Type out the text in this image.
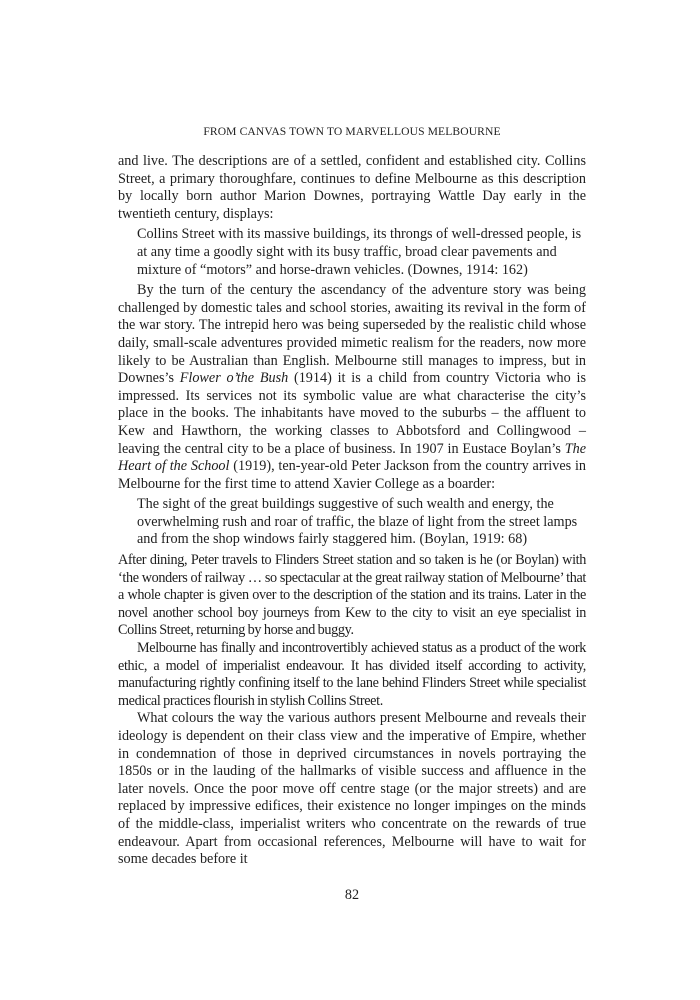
FROM CANVAS TOWN TO MARVELLOUS MELBOURNE

and live. The descriptions are of a settled, confident and established city. Collins Street, a primary thoroughfare, continues to define Melbourne as this description by locally born author Marion Downes, portraying Wattle Day early in the twentieth century, displays:

Collins Street with its massive buildings, its throngs of well-dressed people, is at any time a goodly sight with its busy traffic, broad clear pavements and mixture of “motors” and horse-drawn vehicles. (Downes, 1914: 162)

By the turn of the century the ascendancy of the adventure story was being challenged by domestic tales and school stories, awaiting its revival in the form of the war story. The intrepid hero was being superseded by the realistic child whose daily, small-scale adventures provided mimetic realism for the readers, now more likely to be Australian than English. Melbourne still manages to impress, but in Downes’s Flower o’the Bush (1914) it is a child from country Victoria who is impressed. Its services not its symbolic value are what characterise the city’s place in the books. The inhabitants have moved to the suburbs – the affluent to Kew and Hawthorn, the working classes to Abbotsford and Collingwood – leaving the central city to be a place of business. In 1907 in Eustace Boylan’s The Heart of the School (1919), ten-year-old Peter Jackson from the country arrives in Melbourne for the first time to attend Xavier College as a boarder:

The sight of the great buildings suggestive of such wealth and energy, the overwhelming rush and roar of traffic, the blaze of light from the street lamps and from the shop windows fairly staggered him. (Boylan, 1919: 68)

After dining, Peter travels to Flinders Street station and so taken is he (or Boylan) with ‘the wonders of railway … so spectacular at the great railway station of Melbourne’ that a whole chapter is given over to the description of the station and its trains. Later in the novel another school boy journeys from Kew to the city to visit an eye specialist in Collins Street, returning by horse and buggy.

Melbourne has finally and incontrovertibly achieved status as a product of the work ethic, a model of imperialist endeavour. It has divided itself according to activity, manufacturing rightly confining itself to the lane behind Flinders Street while specialist medical practices flourish in stylish Collins Street.

What colours the way the various authors present Melbourne and reveals their ideology is dependent on their class view and the imperative of Empire, whether in condemnation of those in deprived circumstances in novels portraying the 1850s or in the lauding of the hallmarks of visible success and affluence in the later novels. Once the poor move off centre stage (or the major streets) and are replaced by impressive edifices, their existence no longer impinges on the minds of the middle-class, imperialist writers who concentrate on the rewards of true endeavour. Apart from occasional references, Melbourne will have to wait for some decades before it

82
